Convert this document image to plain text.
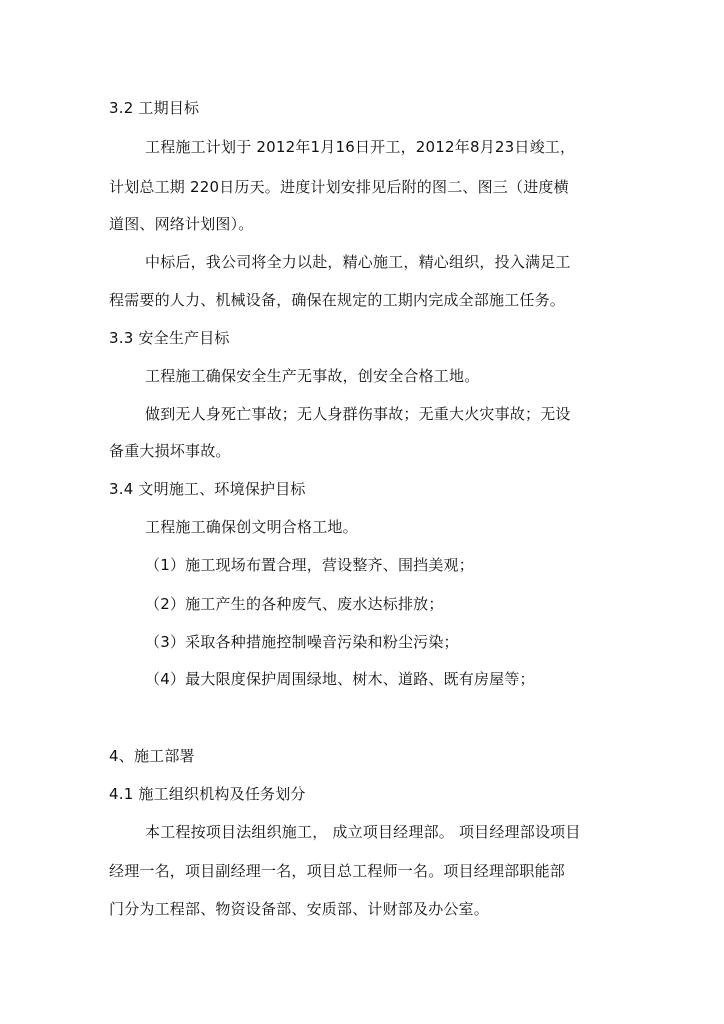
3.2 工期目标
工程施工计划于 2012年1月16日开工，2012年8月23日竣工，
计划总工期 220日历天。进度计划安排见后附的图二、图三（进度横
道图、网络计划图）。
中标后，我公司将全力以赴，精心施工，精心组织，投入满足工
程需要的人力、机械设备，确保在规定的工期内完成全部施工任务。
3.3 安全生产目标
工程施工确保安全生产无事故，创安全合格工地。
做到无人身死亡事故；无人身群伤事故；无重大火灾事故；无设
备重大损坏事故。
3.4 文明施工、环境保护目标
工程施工确保创文明合格工地。
（1）施工现场布置合理，营设整齐、围挡美观；
（2）施工产生的各种废气、废水达标排放；
（3）采取各种措施控制噪音污染和粉尘污染；
（4）最大限度保护周围绿地、树木、道路、既有房屋等；
4、施工部署
4.1 施工组织机构及任务划分
本工程按项目法组织施工， 成立项目经理部。 项目经理部设项目
经理一名，项目副经理一名，项目总工程师一名。项目经理部职能部
门分为工程部、物资设备部、安质部、计财部及办公室。
